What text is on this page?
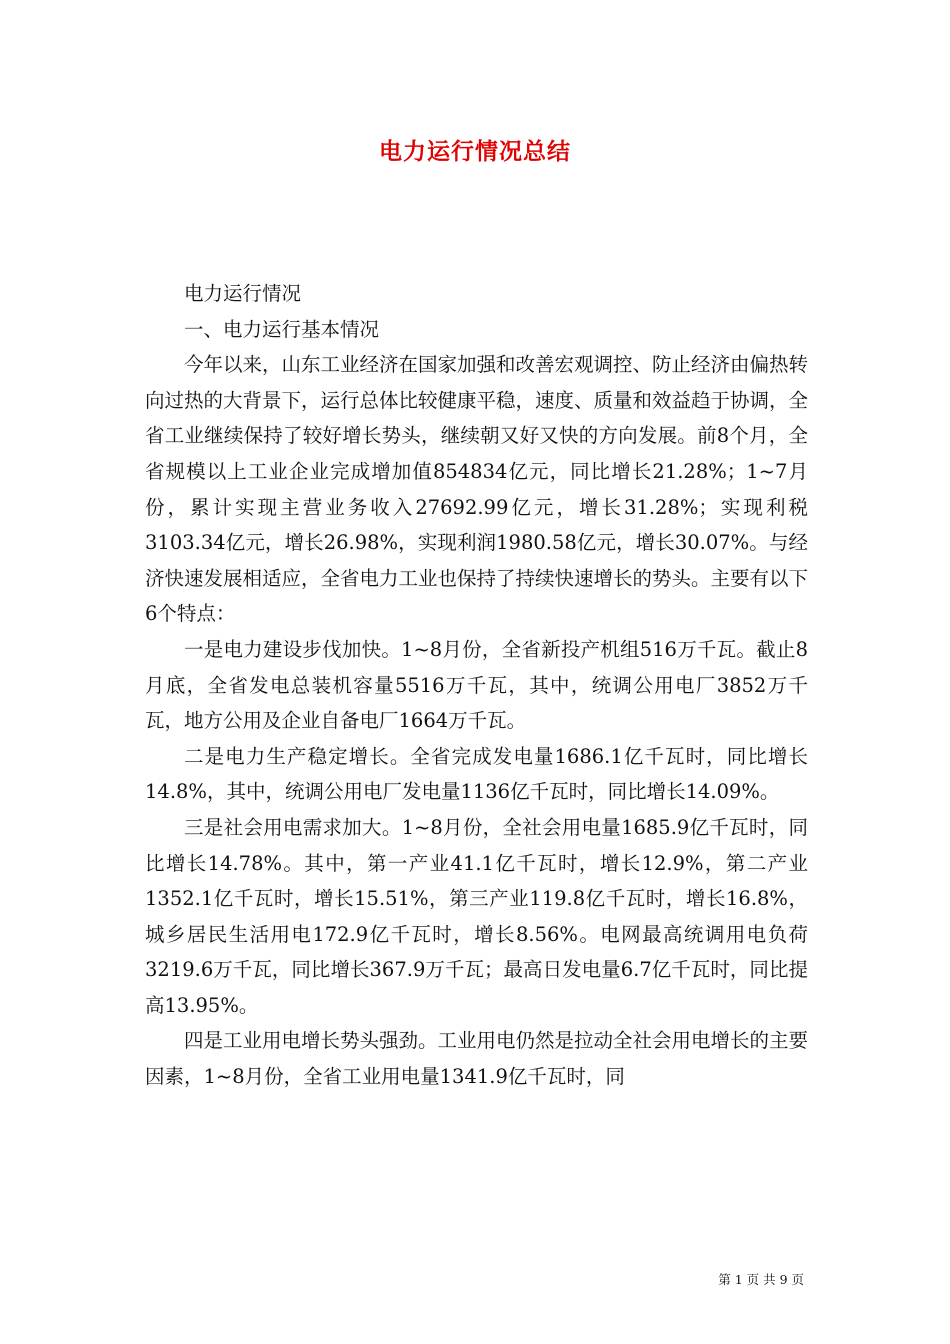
电力运行情况总结

电力运行情况

一、电力运行基本情况

今年以来，山东工业经济在国家加强和改善宏观调控、防止经济由偏热转向过热的大背景下，运行总体比较健康平稳，速度、质量和效益趋于协调，全省工业继续保持了较好增长势头，继续朝又好又快的方向发展。前8个月，全省规模以上工业企业完成增加值854834亿元，同比增长21.28%；1~7月份，累计实现主营业务收入27692.99亿元，增长31.28%；实现利税3103.34亿元，增长26.98%，实现利润1980.58亿元，增长30.07%。与经济快速发展相适应，全省电力工业也保持了持续快速增长的势头。主要有以下6个特点：

一是电力建设步伐加快。1~8月份，全省新投产机组516万千瓦。截止8月底，全省发电总装机容量5516万千瓦，其中，统调公用电厂3852万千瓦，地方公用及企业自备电厂1664万千瓦。

二是电力生产稳定增长。全省完成发电量1686.1亿千瓦时，同比增长14.8%，其中，统调公用电厂发电量1136亿千瓦时，同比增长14.09%。

三是社会用电需求加大。1~8月份，全社会用电量1685.9亿千瓦时，同比增长14.78%。其中，第一产业41.1亿千瓦时，增长12.9%，第二产业1352.1亿千瓦时，增长15.51%，第三产业119.8亿千瓦时，增长16.8%，城乡居民生活用电172.9亿千瓦时，增长8.56%。电网最高统调用电负荷3219.6万千瓦，同比增长367.9万千瓦；最高日发电量6.7亿千瓦时，同比提高13.95%。

四是工业用电增长势头强劲。工业用电仍然是拉动全社会用电增长的主要因素，1~8月份，全省工业用电量1341.9亿千瓦时，同

第 1 页 共 9 页
